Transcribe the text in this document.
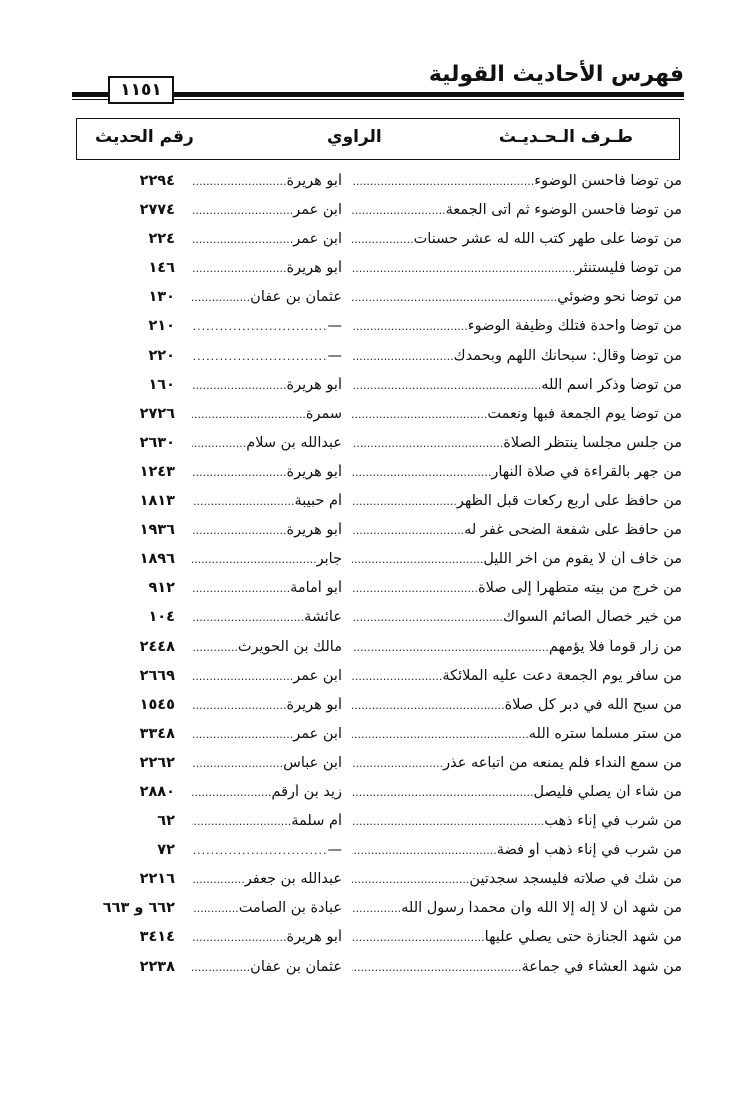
فهرس الأحاديث القولية
١١٥١
طـرف الـحـديـث
الراوي
رقم الحديث
من توضأ فأحسن الوضوء .....
أبو هريرة .....
٢٢٩٤
من توضأ فأحسن الوضوء ثم أتى الجمعة .....
ابن عمر .....
٢٧٧٤
من توضأ على طهر كتب الله له عشر حسنات .....
ابن عمر .....
٢٢٤
من توضأ فليستنثر .....
أبو هريرة .....
١٤٦
من توضأ نحو وضوئي .....
عثمان بن عفان .....
١٣٠
من توضأ واحدة فتلك وظيفة الوضوء .....
— .....
٢١٠
من توضأ وقال: سبحانك اللهم وبحمدك .....
— .....
٢٢٠
من توضأ وذكر اسم الله .....
أبو هريرة .....
١٦٠
من توضأ يوم الجمعة فبها ونعمت .....
سمرة .....
٢٧٢٦
من جلس مجلساً ينتظر الصلاة .....
عبدالله بن سلام .....
٢٦٣٠
من جهر بالقراءة في صلاة النهار .....
أبو هريرة .....
١٢٤٣
من حافظ على أربع ركعات قبل الظهر .....
أم حبيبة .....
١٨١٣
من حافظ على شفعة الضحى غفر له .....
أبو هريرة .....
١٩٣٦
من خاف أن لا يقوم من آخر الليل .....
جابر .....
١٨٩٦
من خرج من بيته متطهراً إلى صلاة .....
أبو أمامة .....
٩١٢
من خير خصال الصائم السواك .....
عائشة .....
١٠٤
من زار قوماً فلا يؤمهم .....
مالك بن الحويرث .....
٢٤٤٨
من سافر يوم الجمعة دعت عليه الملائكة .....
ابن عمر .....
٢٦٦٩
من سبح الله في دبر كل صلاة .....
أبو هريرة .....
١٥٤٥
من ستر مسلماً ستره الله .....
ابن عمر .....
٣٣٤٨
من سمع النداء فلم يمنعه من اتباعه عذر .....
ابن عباس .....
٢٢٦٢
من شاء أن يصلي فليصل .....
زيد بن أرقم .....
٢٨٨٠
من شرب في إناء ذهب .....
أم سلمة .....
٦٢
من شرب في إناء ذهب أو فضة .....
— .....
٧٢
من شك في صلاته فليسجد سجدتين .....
عبدالله بن جعفر .....
٢٢١٦
من شهد أن لا إله إلا الله وأن محمداً رسول الله .....
عبادة بن الصامت .....
٦٦٢ و ٦٦٣
من شهد الجنازة حتى يصلي عليها .....
أبو هريرة .....
٣٤١٤
من شهد العشاء في جماعة .....
عثمان بن عفان .....
٢٢٣٨
